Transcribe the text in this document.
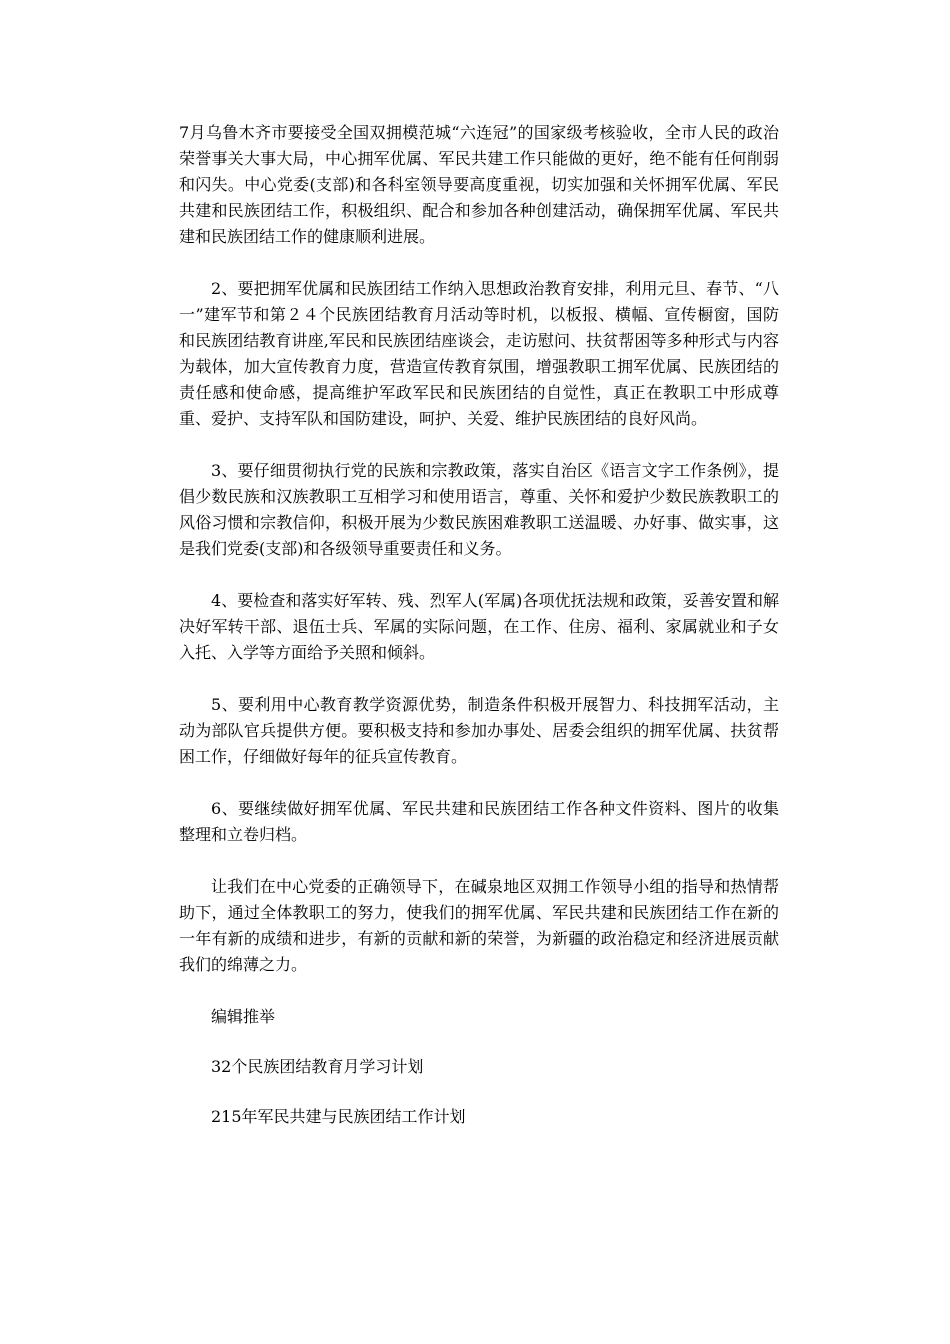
7月乌鲁木齐市要接受全国双拥模范城“六连冠”的国家级考核验收，全市人民的政治荣誉事关大事大局，中心拥军优属、军民共建工作只能做的更好，绝不能有任何削弱和闪失。中心党委(支部)和各科室领导要高度重视，切实加强和关怀拥军优属、军民共建和民族团结工作，积极组织、配合和参加各种创建活动，确保拥军优属、军民共建和民族团结工作的健康顺利进展。

2、要把拥军优属和民族团结工作纳入思想政治教育安排，利用元旦、春节、“八一”建军节和第２４个民族团结教育月活动等时机，以板报、横幅、宣传橱窗，国防和民族团结教育讲座,军民和民族团结座谈会，走访慰问、扶贫帮困等多种形式与内容为载体，加大宣传教育力度，营造宣传教育氛围，增强教职工拥军优属、民族团结的责任感和使命感，提高维护军政军民和民族团结的自觉性，真正在教职工中形成尊重、爱护、支持军队和国防建设，呵护、关爱、维护民族团结的良好风尚。

3、要仔细贯彻执行党的民族和宗教政策，落实自治区《语言文字工作条例》，提倡少数民族和汉族教职工互相学习和使用语言，尊重、关怀和爱护少数民族教职工的风俗习惯和宗教信仰，积极开展为少数民族困难教职工送温暖、办好事、做实事，这是我们党委(支部)和各级领导重要责任和义务。

4、要检查和落实好军转、残、烈军人(军属)各项优抚法规和政策，妥善安置和解决好军转干部、退伍士兵、军属的实际问题，在工作、住房、福利、家属就业和子女入托、入学等方面给予关照和倾斜。

5、要利用中心教育教学资源优势，制造条件积极开展智力、科技拥军活动，主动为部队官兵提供方便。要积极支持和参加办事处、居委会组织的拥军优属、扶贫帮困工作，仔细做好每年的征兵宣传教育。

6、要继续做好拥军优属、军民共建和民族团结工作各种文件资料、图片的收集整理和立卷归档。

让我们在中心党委的正确领导下，在碱泉地区双拥工作领导小组的指导和热情帮助下，通过全体教职工的努力，使我们的拥军优属、军民共建和民族团结工作在新的一年有新的成绩和进步，有新的贡献和新的荣誉，为新疆的政治稳定和经济进展贡献我们的绵薄之力。

编辑推举

32个民族团结教育月学习计划

215年军民共建与民族团结工作计划
